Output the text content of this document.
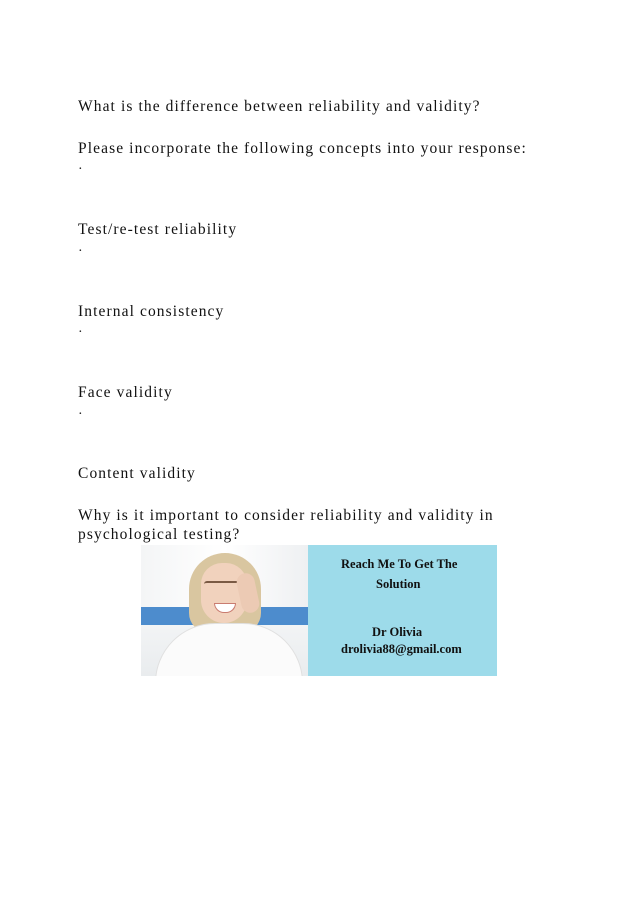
What is the difference between reliability and validity?
Please incorporate the following concepts into your response:
·
Test/re-test reliability
·
Internal consistency
·
Face validity
·
Content validity
Why is it important to consider reliability and validity in
psychological testing?
Reach Me To Get The
Solution
Dr Olivia
drolivia88@gmail.com
